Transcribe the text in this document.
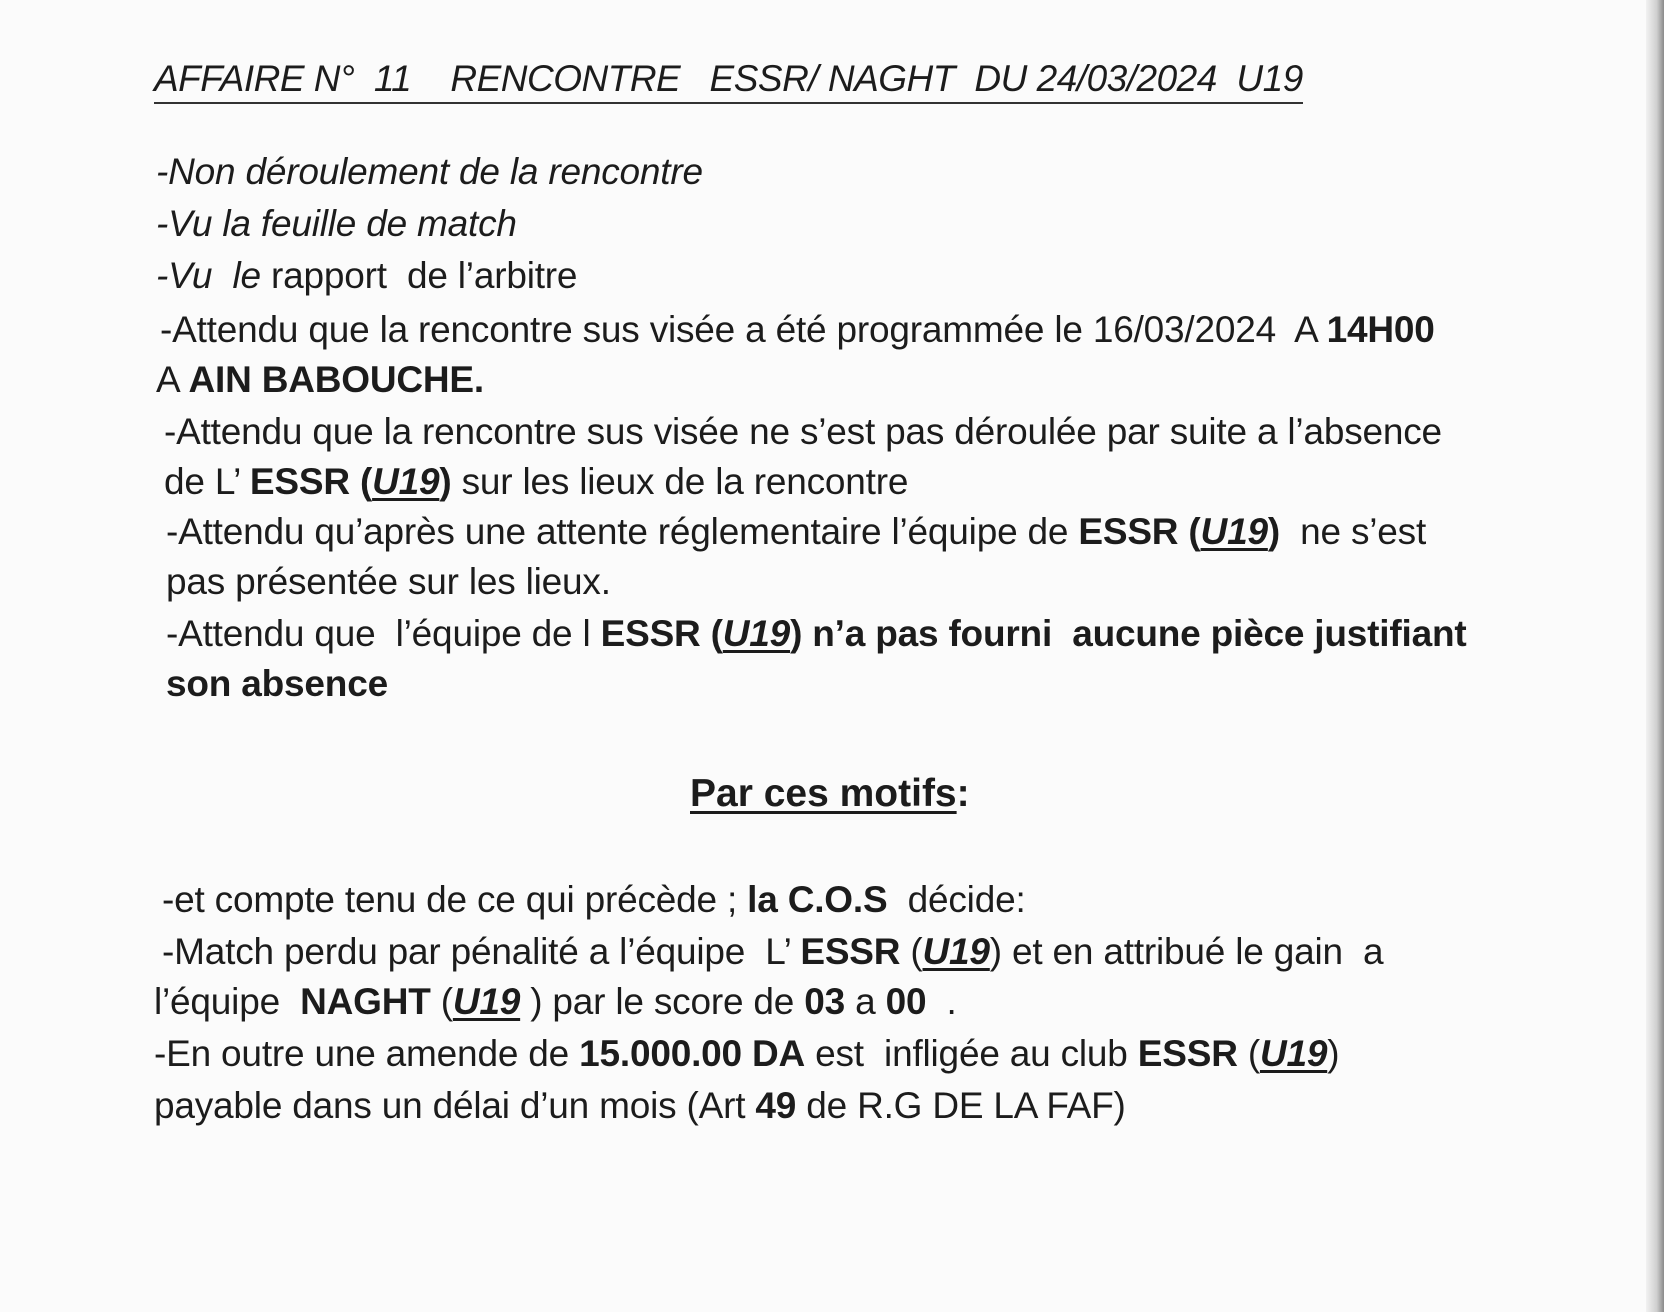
AFFAIRE N°  11    RENCONTRE   ESSR/ NAGHT  DU 24/03/2024  U19
-Non déroulement de la rencontre
-Vu la feuille de match
-Vu  le rapport  de l’arbitre
-Attendu que la rencontre sus visée a été programmée le 16/03/2024  A 14H00
A AIN BABOUCHE.
-Attendu que la rencontre sus visée ne s’est pas déroulée par suite a l’absence
de L’ ESSR (U19) sur les lieux de la rencontre
-Attendu qu’après une attente réglementaire l’équipe de ESSR (U19)  ne s’est
pas présentée sur les lieux.
-Attendu que  l’équipe de l ESSR (U19) n’a pas fourni  aucune pièce justifiant
son absence
Par ces motifs:
-et compte tenu de ce qui précède ; la C.O.S  décide:
-Match perdu par pénalité a l’équipe  L’ ESSR (U19) et en attribué le gain  a
l’équipe  NAGHT (U19 ) par le score de 03 a 00  .
-En outre une amende de 15.000.00 DA est  infligée au club ESSR (U19)
payable dans un délai d’un mois (Art 49 de R.G DE LA FAF)
